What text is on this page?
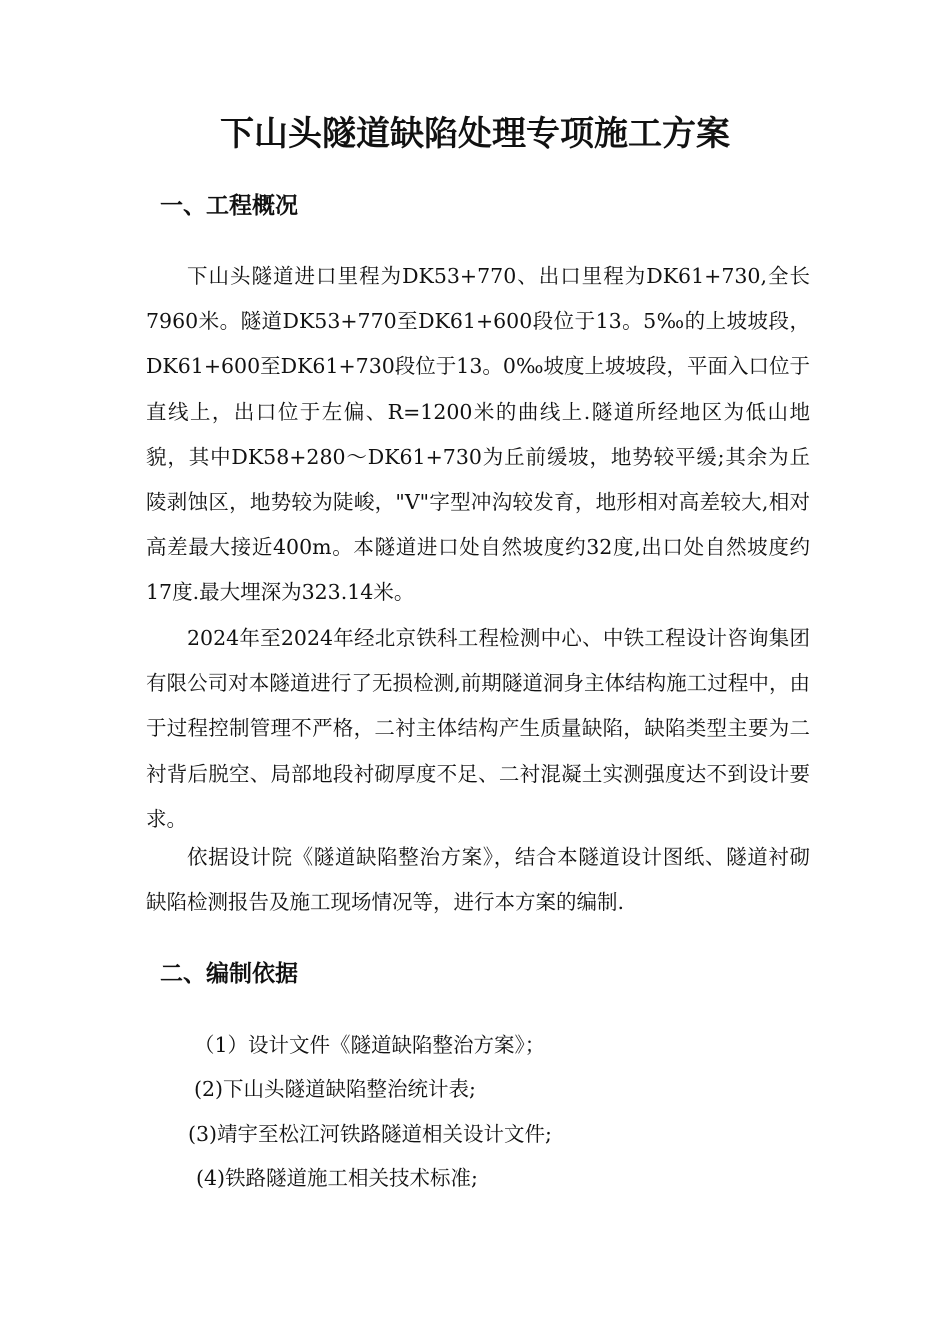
下山头隧道缺陷处理专项施工方案
一、工程概况
下山头隧道进口里程为DK53+770、出口里程为DK61+730,全长7960米。隧道DK53+770至DK61+600段位于13。5‰的上坡坡段，DK61+600至DK61+730段位于13。0‰坡度上坡坡段，平面入口位于直线上，出口位于左偏、R=1200米的曲线上.隧道所经地区为低山地貌，其中DK58+280～DK61+730为丘前缓坡，地势较平缓;其余为丘陵剥蚀区，地势较为陡峻，"V"字型冲沟较发育，地形相对高差较大,相对高差最大接近400m。本隧道进口处自然坡度约32度,出口处自然坡度约17度.最大埋深为323.14米。
2024年至2024年经北京铁科工程检测中心、中铁工程设计咨询集团有限公司对本隧道进行了无损检测,前期隧道洞身主体结构施工过程中，由于过程控制管理不严格，二衬主体结构产生质量缺陷，缺陷类型主要为二衬背后脱空、局部地段衬砌厚度不足、二衬混凝土实测强度达不到设计要求。
依据设计院《隧道缺陷整治方案》，结合本隧道设计图纸、隧道衬砌缺陷检测报告及施工现场情况等，进行本方案的编制.
二、编制依据
（1）设计文件《隧道缺陷整治方案》；
(2)下山头隧道缺陷整治统计表;
(3)靖宇至松江河铁路隧道相关设计文件;
(4)铁路隧道施工相关技术标准;
